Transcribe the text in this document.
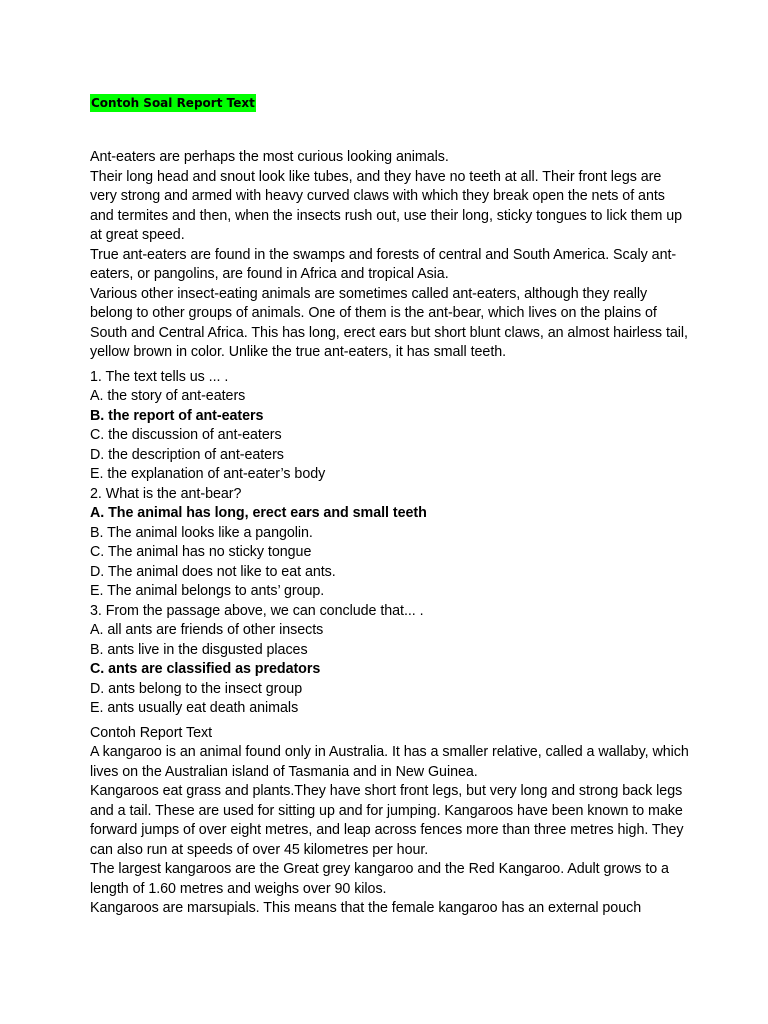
Contoh Soal Report Text

Ant-eaters are perhaps the most curious looking animals.

Their long head and snout look like tubes, and they have no teeth at all. Their front legs are very strong and armed with heavy curved claws with which they break open the nets of ants and termites and then, when the insects rush out, use their long, sticky tongues to lick them up at great speed.

True ant-eaters are found in the swamps and forests of central and South America. Scaly ant-eaters, or pangolins, are found in Africa and tropical Asia.

Various other insect-eating animals are sometimes called ant-eaters, although they really belong to other groups of animals. One of them is the ant-bear, which lives on the plains of South and Central Africa. This has long, erect ears but short blunt claws, an almost hairless tail, yellow brown in color. Unlike the true ant-eaters, it has small teeth.

1. The text tells us ... .

A. the story of ant-eaters

B. the report of ant-eaters

C. the discussion of ant-eaters

D. the description of ant-eaters

E. the explanation of ant-eater’s body

2. What is the ant-bear?

A. The animal has long, erect ears and small teeth

B. The animal looks like a pangolin.

C. The animal has no sticky tongue

D. The animal does not like to eat ants.

E. The animal belongs to ants’ group.

3. From the passage above, we can conclude that... .

A. all ants are friends of other insects

B. ants live in the disgusted places

C. ants are classified as predators

D. ants belong to the insect group

E. ants usually eat death animals

Contoh Report Text

A kangaroo is an animal found only in Australia. It has a smaller relative, called a wallaby, which lives on the Australian island of Tasmania and in New Guinea.

Kangaroos eat grass and plants.They have short front legs, but very long and strong back legs and a tail. These are used for sitting up and for jumping. Kangaroos have been known to make forward jumps of over eight metres, and leap across fences more than three metres high. They can also run at speeds of over 45 kilometres per hour.

The largest kangaroos are the Great grey kangaroo and the Red Kangaroo. Adult grows to a length of 1.60 metres and weighs over 90 kilos.

Kangaroos are marsupials. This means that the female kangaroo has an external pouch
